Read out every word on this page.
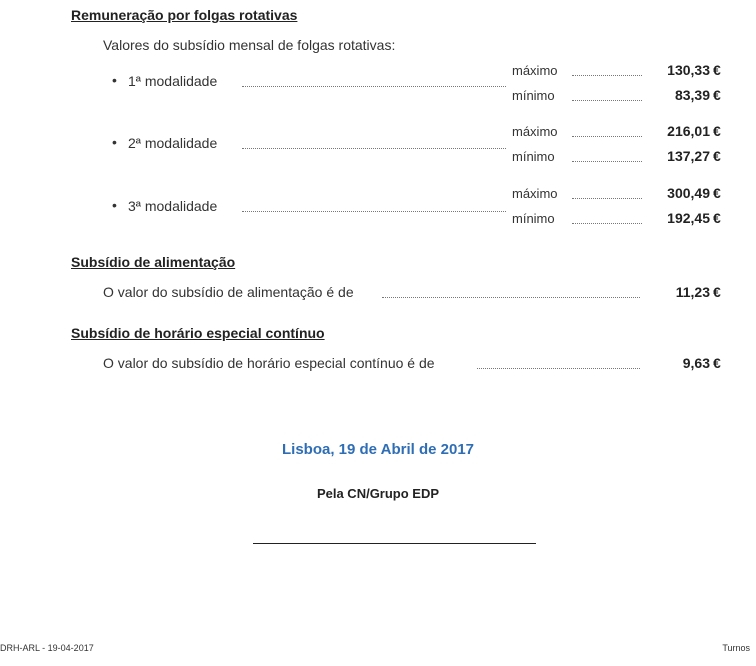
Remuneração por folgas rotativas
Valores do subsídio mensal de folgas rotativas:
• 1ª modalidade
máximo	130,33 €
mínimo	83,39 €
• 2ª modalidade
máximo	216,01 €
mínimo	137,27 €
• 3ª modalidade
máximo	300,49 €
mínimo	192,45 €
Subsídio de alimentação
O valor do subsídio de alimentação é de	11,23 €
Subsídio de horário especial contínuo
O valor do subsídio de horário especial contínuo é de	9,63 €
Lisboa, 19 de Abril de 2017
Pela CN/Grupo EDP
DRH-ARL - 19-04-2017	Turnos
